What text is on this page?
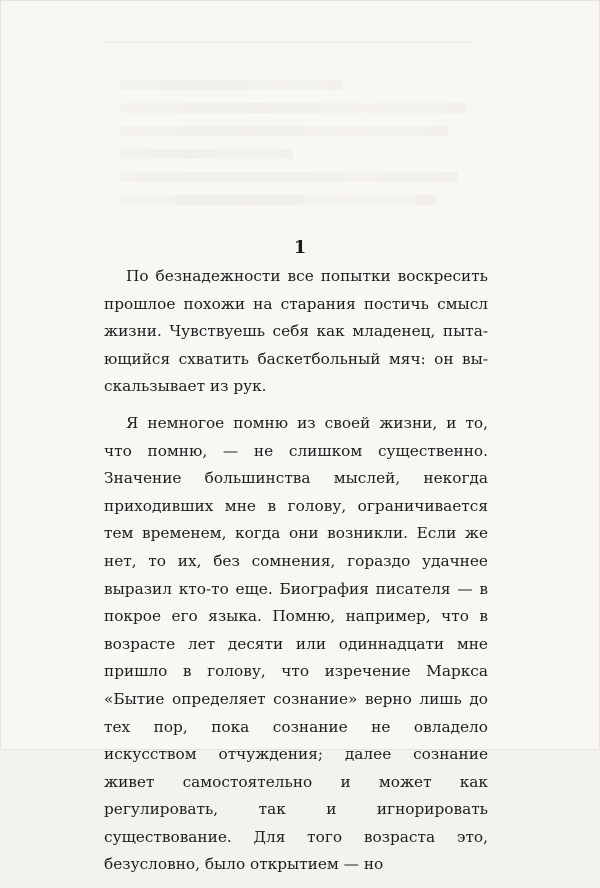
1

По безнадежности все попытки воскресить прошлое похожи на старания постичь смысл жизни. Чувствуешь себя как младенец, пытающийся схватить баскетбольный мяч: он выскальзывает из рук.

Я немногое помню из своей жизни, и то, что помню, — не слишком существенно. Значение большинства мыслей, некогда приходивших мне в голову, ограничивается тем временем, когда они возникли. Если же нет, то их, без сомнения, гораздо удачнее выразил кто-то еще. Биография писателя — в покрое его языка. Помню, например, что в возрасте лет десяти или одиннадцати мне пришло в голову, что изречение Маркса «Бытие определяет сознание» верно лишь до тех пор, пока сознание не овладело искусством отчуждения; далее сознание живет самостоятельно и может как регулировать, так и игнорировать существование. Для того возраста это, безусловно, было открытием — но
